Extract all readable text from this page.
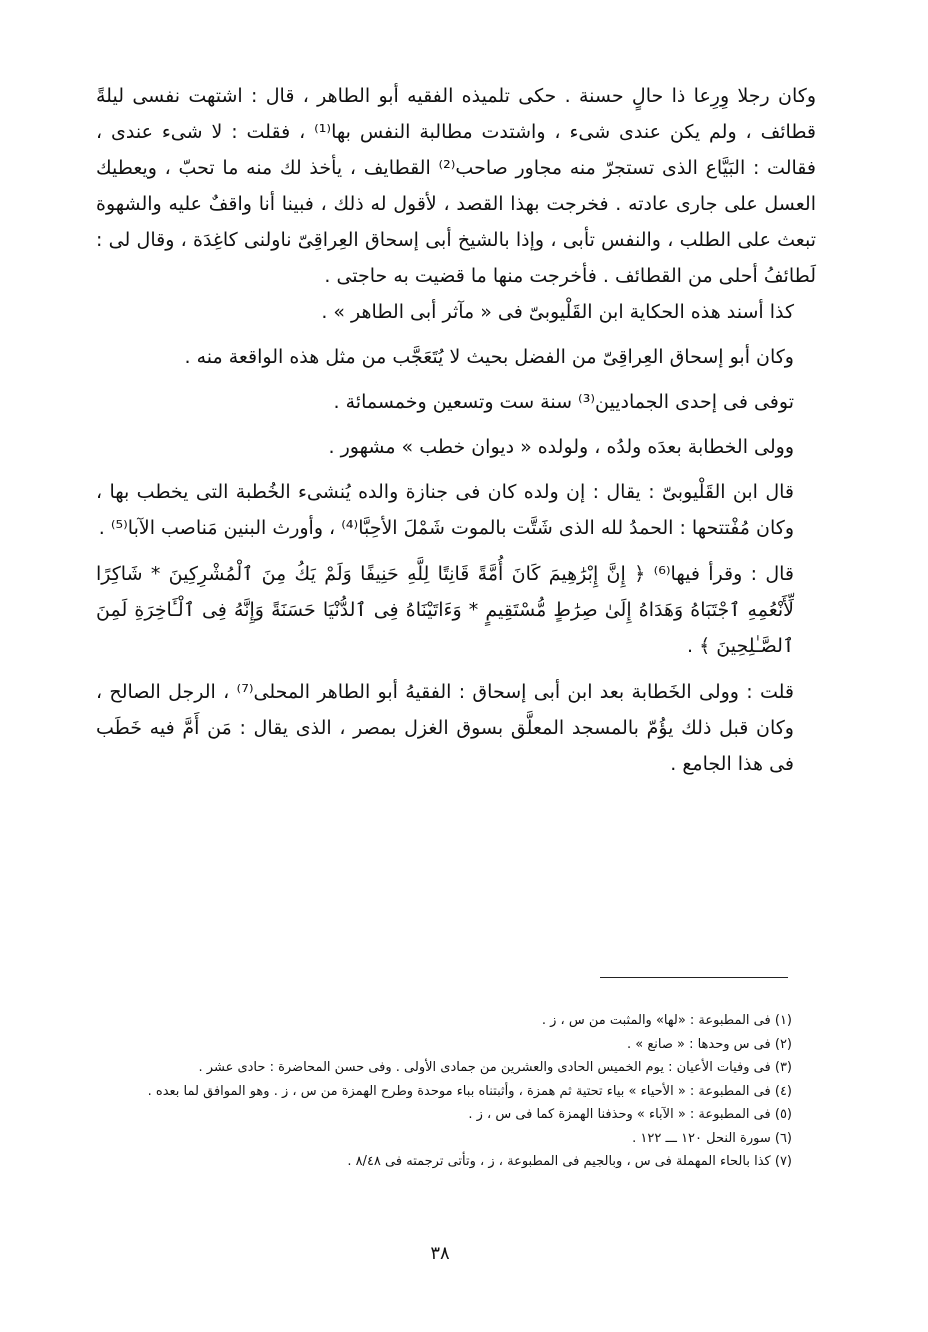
وكان رجلا وِرِعا ذا حالٍ حسنة . حكى تلميذه الفقيه أبو الطاهر ، قال : اشتهت نفسى ليلةً قطائف ، ولم يكن عندى شىء ، واشتدت مطالبة النفس بها⁽¹⁾ ، فقلت : لا شىء عندى ، فقالت : البَيَّاع الذى تستجرّ منه مجاور صاحب⁽²⁾ القطايف ، يأخذ لك منه ما تحبّ ، ويعطيك العسل على جارى عادته . فخرجت بهذا القصد ، لأقول له ذلك ، فبينا أنا واقفٌ عليه والشهوة تبعث على الطلب ، والنفس تأبى ، وإذا بالشيخ أبى إسحاق العِراقِىّ ناولنى كاغِدَة ، وقال لى : لَطائفُ أحلى من القطائف . فأخرجت منها ما قضيت به حاجتى .

كذا أسند هذه الحكاية ابن القَلْيوبىّ فى « مآثر أبى الطاهر » .

وكان أبو إسحاق العِراقِىّ من الفضل بحيث لا يُتَعَجَّب من مثل هذه الواقعة منه .

توفى فى إحدى الجماديين⁽³⁾ سنة ست وتسعين وخمسمائة .

وولى الخطابة بعدَه ولدُه ، ولولده « ديوان خطب » مشهور .

قال ابن القَلْيوبىّ : يقال : إن ولده كان فى جنازة والده يُنشىء الخُطبة التى يخطب بها ، وكان مُفْتتحها : الحمدُ لله الذى شَتَّت بالموت شَمْلَ الأحِبَّا⁽⁴⁾ ، وأورث البنين مَناصب الآبا⁽⁵⁾ .

قال : وقرأ فيها⁽⁶⁾ ﴿ إِنَّ إِبْرَٰهِيمَ كَانَ أُمَّةً قَانِتًا لِلَّهِ حَنِيفًا وَلَمْ يَكُ مِنَ ٱلْمُشْرِكِينَ * شَاكِرًا لِّأَنْعُمِهِ ٱجْتَبَاهُ وَهَدَاهُ إِلَىٰ صِرَٰطٍ مُّسْتَقِيمٍ * وَءَاتَيْنَاهُ فِى ٱلدُّنْيَا حَسَنَةً وَإِنَّهُ فِى ٱلْـَٔاخِرَةِ لَمِنَ ٱلصَّـٰلِحِينَ ﴾ .

قلت : وولى الخَطابة بعد ابن أبى إسحاق : الفقيهُ أبو الطاهر المحلى⁽⁷⁾ ، الرجل الصالح ، وكان قبل ذلك يؤُمّ بالمسجد المعلَّق بسوق الغزل بمصر ، الذى يقال : مَن أَمَّ فيه خَطَب فى هذا الجامع .

(١) فى المطبوعة : «لها» والمثبت من س ، ز .

(٢) فى س وحدها : « صانع » .

(٣) فى وفيات الأعيان : يوم الخميس الحادى والعشرين من جمادى الأولى . وفى حسن المحاضرة : حادى عشر .

(٤) فى المطبوعة : « الأحياء » بياء تحتية ثم همزة ، وأثبتناه بباء موحدة وطرح الهمزة من س ، ز . وهو الموافق لما بعده .

(٥) فى المطبوعة : « الآباء » وحذفنا الهمزة كما فى س ، ز .

(٦) سورة النحل ١٢٠ ـــ ١٢٢ .

(٧) كذا بالحاء المهملة فى س ، وبالجيم فى المطبوعة ، ز ، وتأتى ترجمته فى ٨/٤٨ .

٣٨
